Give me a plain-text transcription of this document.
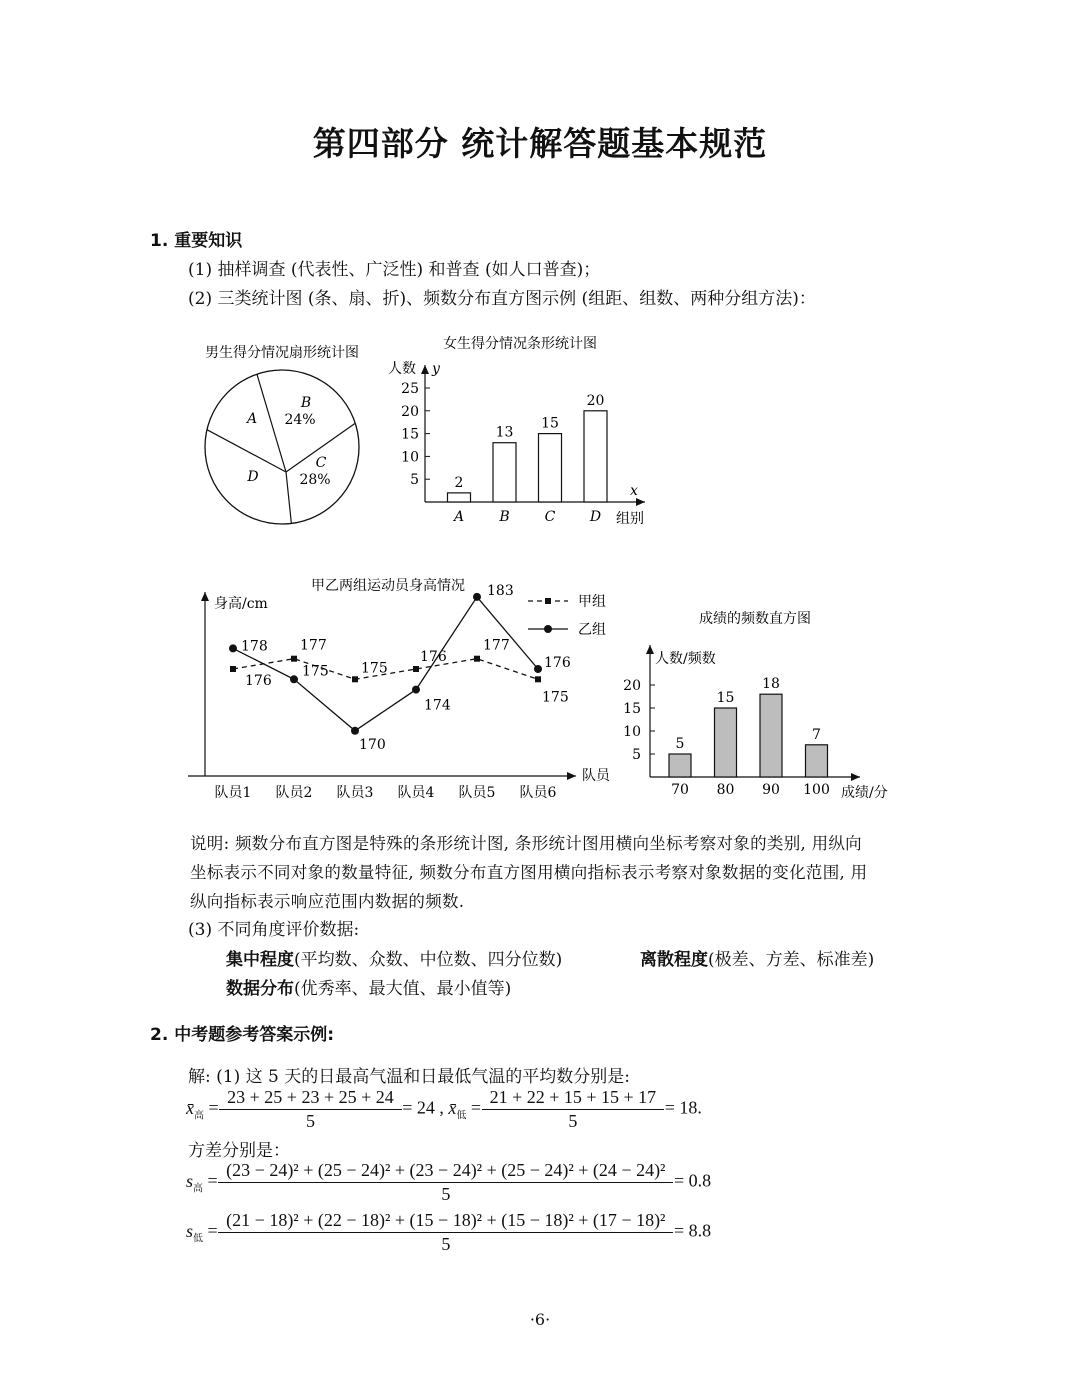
第四部分 统计解答题基本规范
1. 重要知识
(1) 抽样调查 (代表性、广泛性) 和普查 (如人口普查)；
(2) 三类统计图 (条、扇、折)、频数分布直方图示例 (组距、组数、两种分组方法)：
男生得分情况扇形统计图
A
B
24%
C
28%
D
女生得分情况条形统计图
人数 y
x
组别
5
10
15
20
25
2
A
13
B
15
C
20
D
甲乙两组运动员身高情况
身高/cm
队员
队员1 队员2 队员3 队员4 队员5 队员6
176
177
175
176
177
175
甲组
178
175
170
174
183
176
乙组
成绩的频数直方图
人数/频数
成绩/分
5
10
15
20
5
70
15
80
18
90
7
100
说明: 频数分布直方图是特殊的条形统计图, 条形统计图用横向坐标考察对象的类别, 用纵向
坐标表示不同对象的数量特征, 频数分布直方图用横向指标表示考察对象数据的变化范围, 用
纵向指标表示响应范围内数据的频数.
(3) 不同角度评价数据:
集中程度(平均数、众数、中位数、四分位数)	离散程度(极差、方差、标准差)
数据分布(优秀率、最大值、最小值等)
2. 中考题参考答案示例:
解: (1) 这 5 天的日最高气温和日最低气温的平均数分别是:
$x̄_高 = \frac{23 + 25 + 23 + 25 + 24}{5} = 24$ , $x̄_低 = \frac{21 + 22 + 15 + 15 + 17}{5} = 18$.
方差分别是：
$s_高$ =
(23 − 24)² + (25 − 24)² + (23 − 24)² + (25 − 24)² + (24 − 24)²
5
= 0.8
$s_低$ =
(21 − 18)² + (22 − 18)² + (15 − 18)² + (15 − 18)² + (17 − 18)²
5
= 8.8
·6·
